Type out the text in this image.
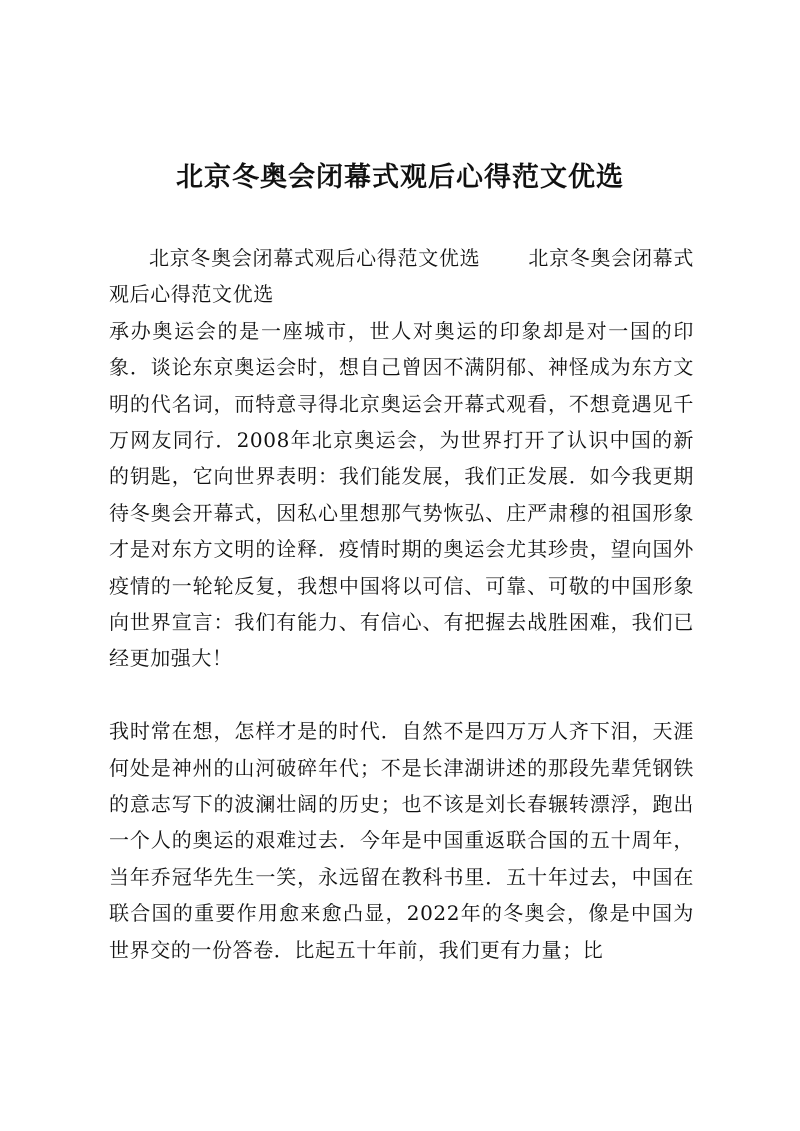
北京冬奥会闭幕式观后心得范文优选

北京冬奥会闭幕式观后心得范文优选 北京冬奥会闭幕式观后心得范文优选

承办奥运会的是一座城市，世人对奥运的印象却是对一国的印象．谈论东京奥运会时，想自己曾因不满阴郁、神怪成为东方文明的代名词，而特意寻得北京奥运会开幕式观看，不想竟遇见千万网友同行．2008年北京奥运会，为世界打开了认识中国的新的钥匙，它向世界表明：我们能发展，我们正发展．如今我更期待冬奥会开幕式，因私心里想那气势恢弘、庄严肃穆的祖国形象才是对东方文明的诠释．疫情时期的奥运会尤其珍贵，望向国外疫情的一轮轮反复，我想中国将以可信、可靠、可敬的中国形象向世界宣言：我们有能力、有信心、有把握去战胜困难，我们已经更加强大！

我时常在想，怎样才是的时代．自然不是四万万人齐下泪，天涯何处是神州的山河破碎年代；不是长津湖讲述的那段先辈凭钢铁的意志写下的波澜壮阔的历史；也不该是刘长春辗转漂浮，跑出一个人的奥运的艰难过去．今年是中国重返联合国的五十周年，当年乔冠华先生一笑，永远留在教科书里．五十年过去，中国在联合国的重要作用愈来愈凸显，2022年的冬奥会，像是中国为世界交的一份答卷．比起五十年前，我们更有力量；比
